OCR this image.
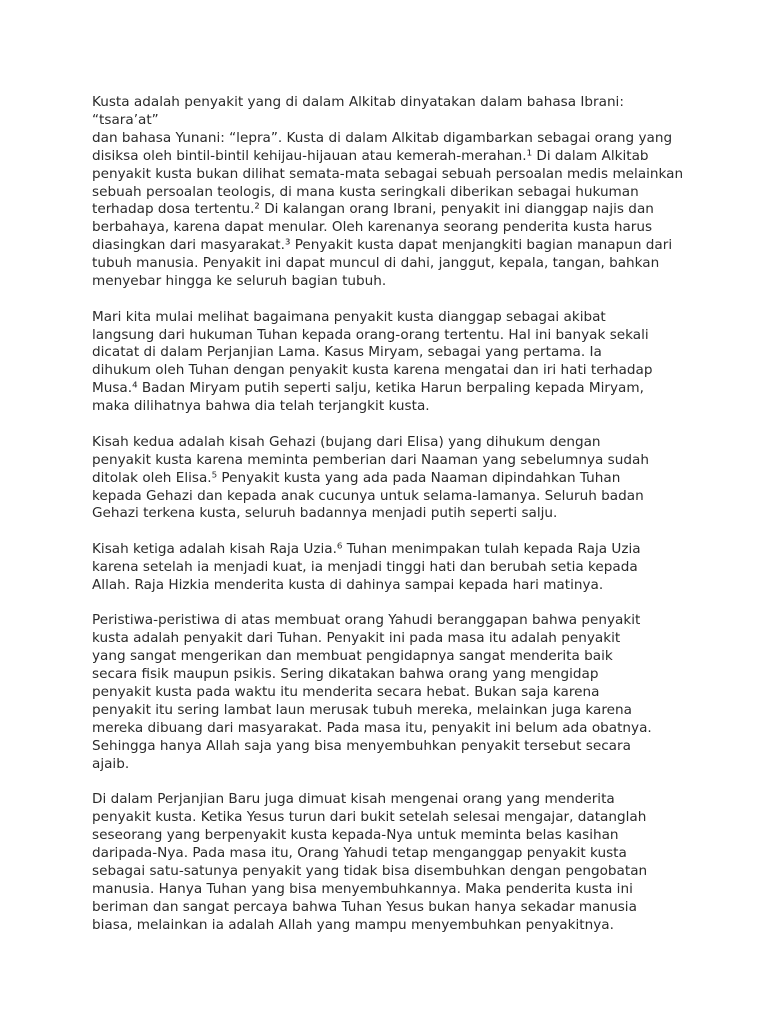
Kusta adalah penyakit yang di dalam Alkitab dinyatakan dalam bahasa Ibrani: “tsara’at”
dan bahasa Yunani: “lepra”. Kusta di dalam Alkitab digambarkan sebagai orang yang
disiksa oleh bintil-bintil kehijau-hijauan atau kemerah-merahan.¹ Di dalam Alkitab
penyakit kusta bukan dilihat semata-mata sebagai sebuah persoalan medis melainkan
sebuah persoalan teologis, di mana kusta seringkali diberikan sebagai hukuman
terhadap dosa tertentu.² Di kalangan orang Ibrani, penyakit ini dianggap najis dan
berbahaya, karena dapat menular. Oleh karenanya seorang penderita kusta harus
diasingkan dari masyarakat.³ Penyakit kusta dapat menjangkiti bagian manapun dari
tubuh manusia. Penyakit ini dapat muncul di dahi, janggut, kepala, tangan, bahkan
menyebar hingga ke seluruh bagian tubuh.

Mari kita mulai melihat bagaimana penyakit kusta dianggap sebagai akibat
langsung dari hukuman Tuhan kepada orang-orang tertentu. Hal ini banyak sekali
dicatat di dalam Perjanjian Lama. Kasus Miryam, sebagai yang pertama. Ia
dihukum oleh Tuhan dengan penyakit kusta karena mengatai dan iri hati terhadap
Musa.⁴ Badan Miryam putih seperti salju, ketika Harun berpaling kepada Miryam,
maka dilihatnya bahwa dia telah terjangkit kusta.

Kisah kedua adalah kisah Gehazi (bujang dari Elisa) yang dihukum dengan
penyakit kusta karena meminta pemberian dari Naaman yang sebelumnya sudah
ditolak oleh Elisa.⁵ Penyakit kusta yang ada pada Naaman dipindahkan Tuhan
kepada Gehazi dan kepada anak cucunya untuk selama-lamanya. Seluruh badan
Gehazi terkena kusta, seluruh badannya menjadi putih seperti salju.

Kisah ketiga adalah kisah Raja Uzia.⁶ Tuhan menimpakan tulah kepada Raja Uzia
karena setelah ia menjadi kuat, ia menjadi tinggi hati dan berubah setia kepada
Allah. Raja Hizkia menderita kusta di dahinya sampai kepada hari matinya.

Peristiwa-peristiwa di atas membuat orang Yahudi beranggapan bahwa penyakit
kusta adalah penyakit dari Tuhan. Penyakit ini pada masa itu adalah penyakit
yang sangat mengerikan dan membuat pengidapnya sangat menderita baik
secara fisik maupun psikis. Sering dikatakan bahwa orang yang mengidap
penyakit kusta pada waktu itu menderita secara hebat. Bukan saja karena
penyakit itu sering lambat laun merusak tubuh mereka, melainkan juga karena
mereka dibuang dari masyarakat. Pada masa itu, penyakit ini belum ada obatnya.
Sehingga hanya Allah saja yang bisa menyembuhkan penyakit tersebut secara
ajaib.

Di dalam Perjanjian Baru juga dimuat kisah mengenai orang yang menderita
penyakit kusta. Ketika Yesus turun dari bukit setelah selesai mengajar, datanglah
seseorang yang berpenyakit kusta kepada-Nya untuk meminta belas kasihan
daripada-Nya. Pada masa itu, Orang Yahudi tetap menganggap penyakit kusta
sebagai satu-satunya penyakit yang tidak bisa disembuhkan dengan pengobatan
manusia. Hanya Tuhan yang bisa menyembuhkannya. Maka penderita kusta ini
beriman dan sangat percaya bahwa Tuhan Yesus bukan hanya sekadar manusia
biasa, melainkan ia adalah Allah yang mampu menyembuhkan penyakitnya.
